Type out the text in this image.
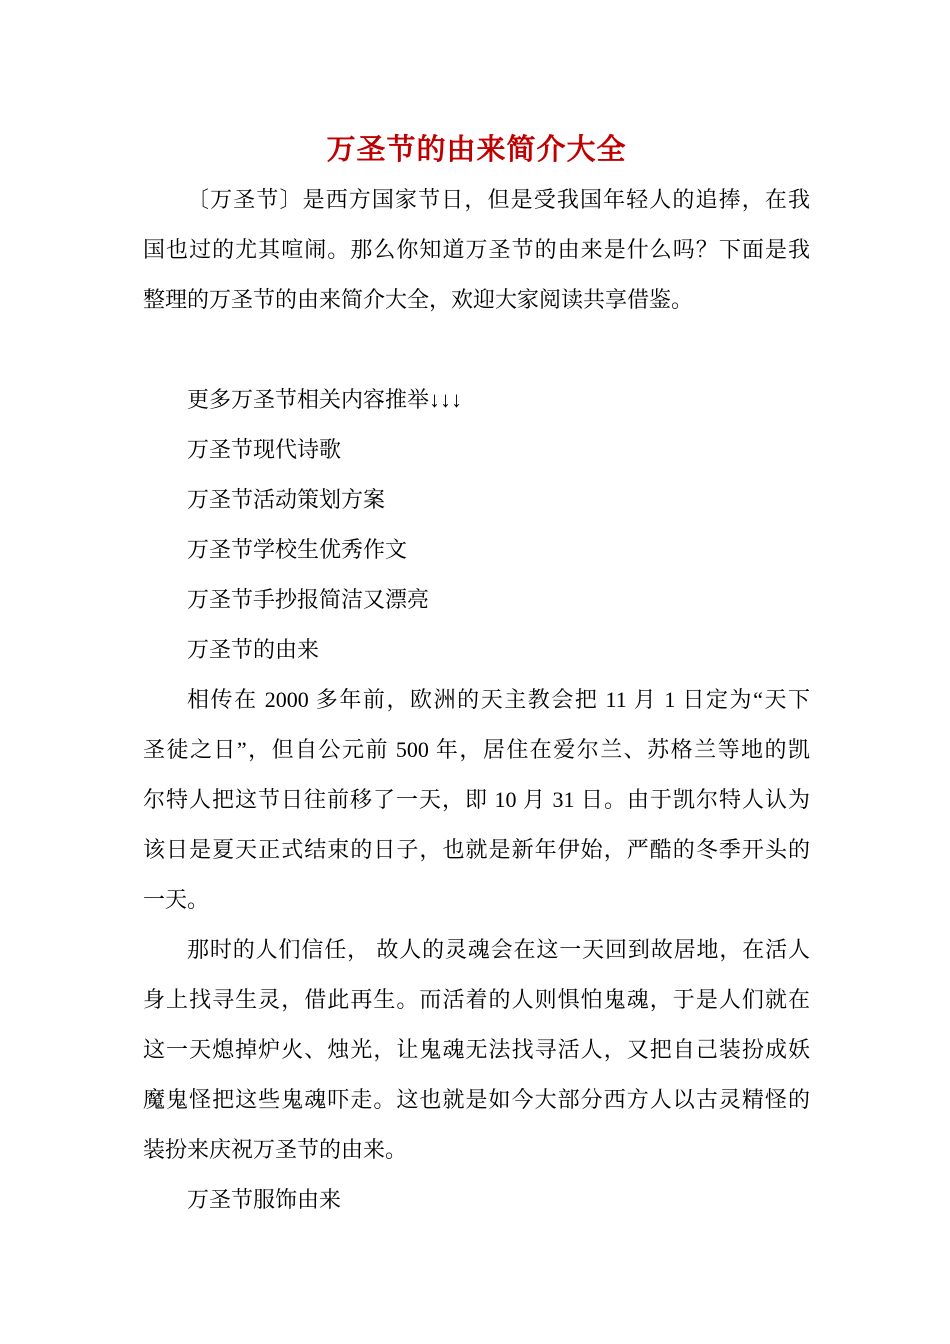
万圣节的由来简介大全
〔万圣节〕是西方国家节日，但是受我国年轻人的追捧，在我
国也过的尤其喧闹。那么你知道万圣节的由来是什么吗？下面是我
整理的万圣节的由来简介大全，欢迎大家阅读共享借鉴。
更多万圣节相关内容推举↓↓↓
万圣节现代诗歌
万圣节活动策划方案
万圣节学校生优秀作文
万圣节手抄报简洁又漂亮
万圣节的由来
相传在 2000 多年前，欧洲的天主教会把 11 月 1 日定为“天下
圣徒之日”，但自公元前 500 年，居住在爱尔兰、苏格兰等地的凯
尔特人把这节日往前移了一天，即 10 月 31 日。由于凯尔特人认为
该日是夏天正式结束的日子，也就是新年伊始，严酷的冬季开头的
一天。
那时的人们信任， 故人的灵魂会在这一天回到故居地，在活人
身上找寻生灵，借此再生。而活着的人则惧怕鬼魂，于是人们就在
这一天熄掉炉火、烛光，让鬼魂无法找寻活人，又把自己装扮成妖
魔鬼怪把这些鬼魂吓走。这也就是如今大部分西方人以古灵精怪的
装扮来庆祝万圣节的由来。
万圣节服饰由来
